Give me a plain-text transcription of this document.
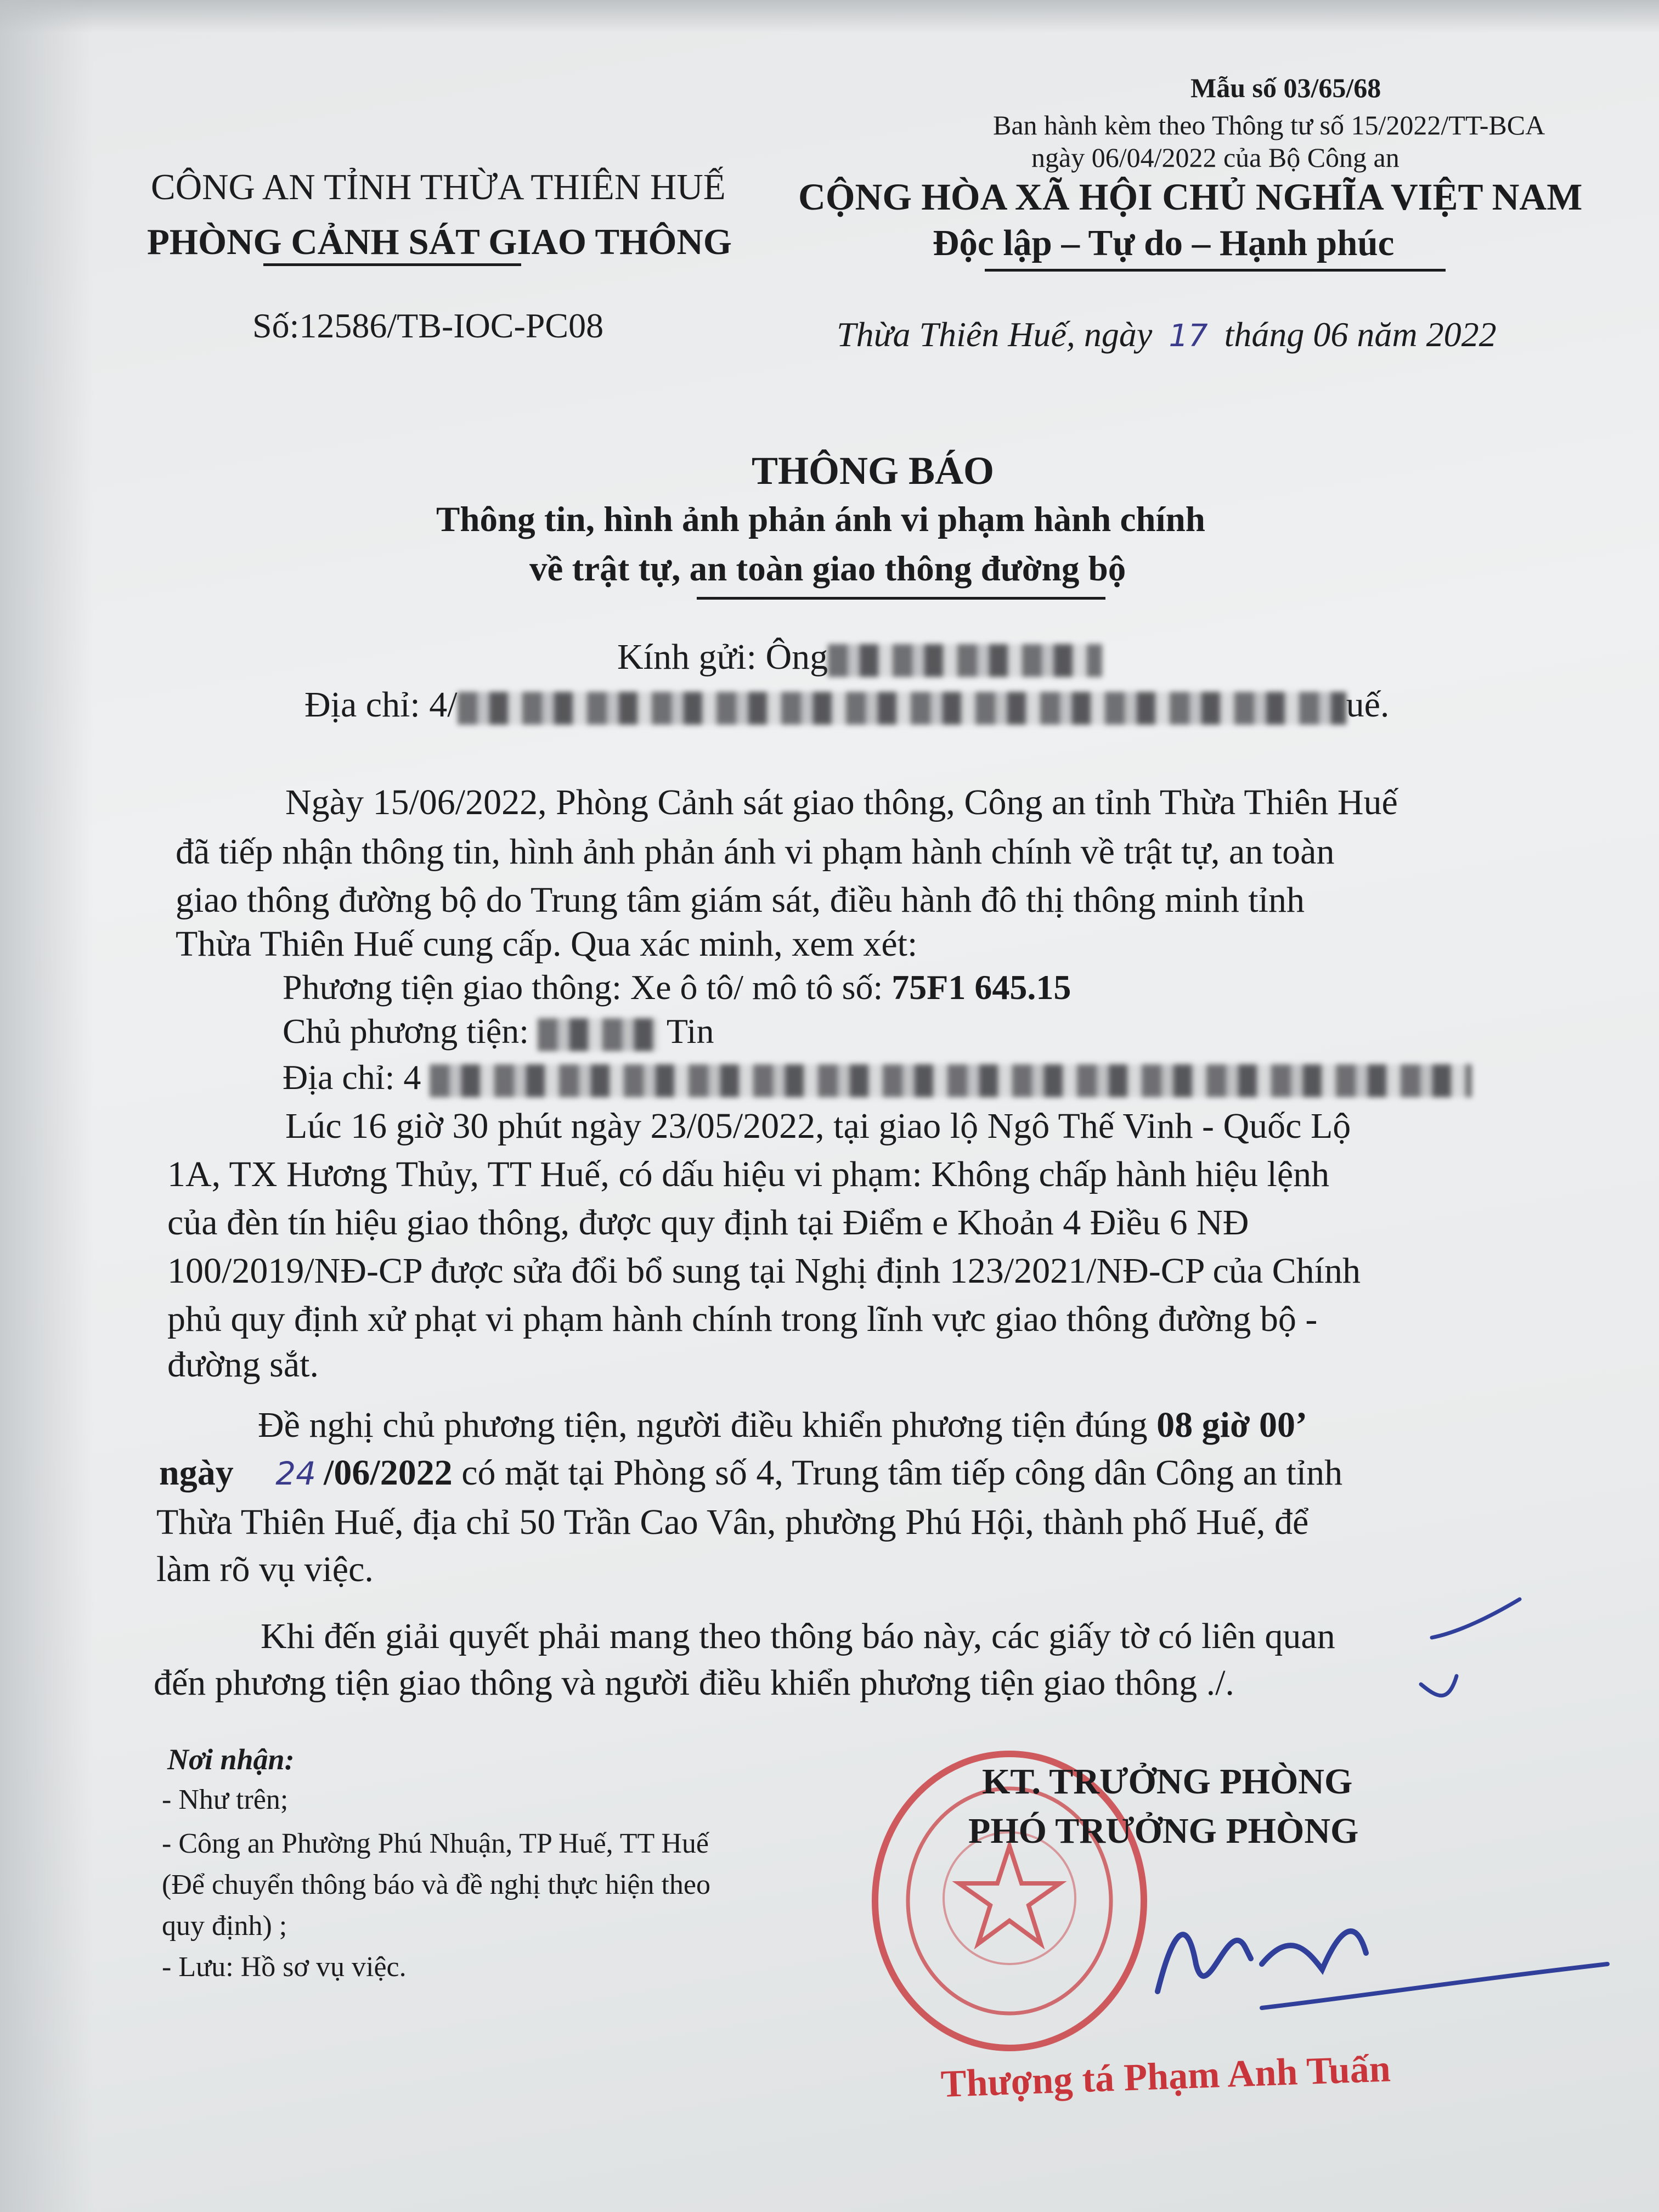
Mẫu số 03/65/68
Ban hành kèm theo Thông tư số 15/2022/TT-BCA
ngày 06/04/2022 của Bộ Công an
CÔNG AN TỈNH THỪA THIÊN HUẾ
PHÒNG CẢNH SÁT GIAO THÔNG
CỘNG HÒA XÃ HỘI CHỦ NGHĨA VIỆT NAM
Độc lập – Tự do – Hạnh phúc
Số:12586/TB-IOC-PC08	Thừa Thiên Huế, ngày 17 tháng 06 năm 2022
THÔNG BÁO
Thông tin, hình ảnh phản ánh vi phạm hành chính
về trật tự, an toàn giao thông đường bộ
Kính gửi: Ông
Địa chỉ: 4/	uế.
Ngày 15/06/2022, Phòng Cảnh sát giao thông, Công an tỉnh Thừa Thiên Huế
đã tiếp nhận thông tin, hình ảnh phản ánh vi phạm hành chính về trật tự, an toàn
giao thông đường bộ do Trung tâm giám sát, điều hành đô thị thông minh tỉnh
Thừa Thiên Huế cung cấp. Qua xác minh, xem xét:
Phương tiện giao thông: Xe ô tô/ mô tô số: 75F1 645.15
Chủ phương tiện:	Tin
Địa chỉ: 4
Lúc 16 giờ 30 phút ngày 23/05/2022, tại giao lộ Ngô Thế Vinh - Quốc Lộ
1A, TX Hương Thủy, TT Huế, có dấu hiệu vi phạm: Không chấp hành hiệu lệnh
của đèn tín hiệu giao thông, được quy định tại Điểm e Khoản 4 Điều 6 NĐ
100/2019/NĐ-CP được sửa đổi bổ sung tại Nghị định 123/2021/NĐ-CP của Chính
phủ quy định xử phạt vi phạm hành chính trong lĩnh vực giao thông đường bộ -
đường sắt.
Đề nghị chủ phương tiện, người điều khiển phương tiện đúng 08 giờ 00’
ngày 24 /06/2022 có mặt tại Phòng số 4, Trung tâm tiếp công dân Công an tỉnh
Thừa Thiên Huế, địa chỉ 50 Trần Cao Vân, phường Phú Hội, thành phố Huế, để
làm rõ vụ việc.
Khi đến giải quyết phải mang theo thông báo này, các giấy tờ có liên quan
đến phương tiện giao thông và người điều khiển phương tiện giao thông ./.
Nơi nhận:
- Như trên;
- Công an Phường Phú Nhuận, TP Huế, TT Huế
(Để chuyển thông báo và đề nghị thực hiện theo
quy định) ;
- Lưu: Hồ sơ vụ việc.
KT. TRƯỞNG PHÒNG
PHÓ TRƯỞNG PHÒNG
Thượng tá Phạm Anh Tuấn
